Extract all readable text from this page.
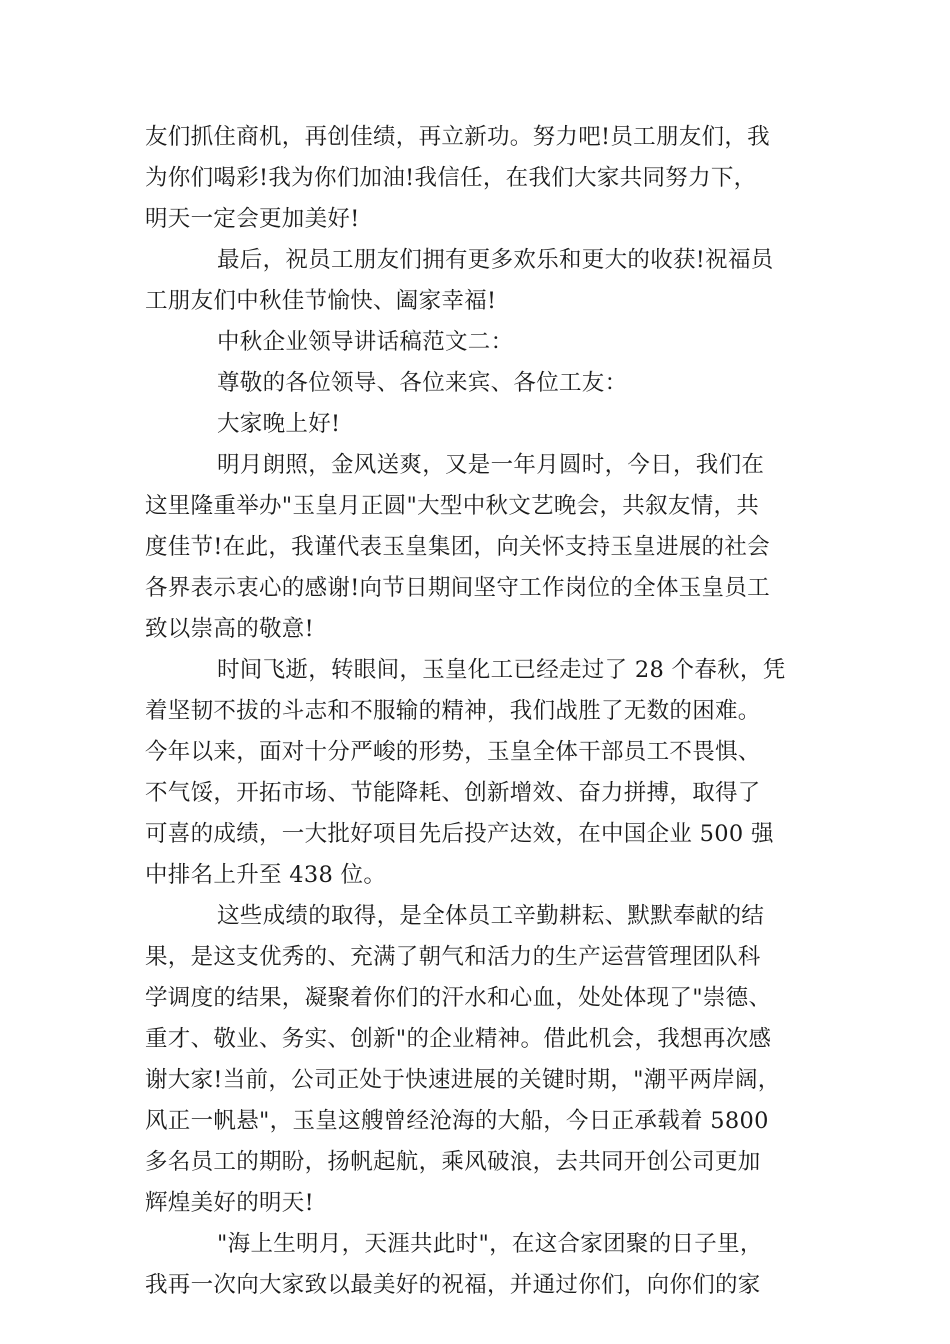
友们抓住商机，再创佳绩，再立新功。努力吧!员工朋友们，我
为你们喝彩!我为你们加油!我信任，在我们大家共同努力下，
明天一定会更加美好!
最后，祝员工朋友们拥有更多欢乐和更大的收获!祝福员
工朋友们中秋佳节愉快、阖家幸福!
中秋企业领导讲话稿范文二：
尊敬的各位领导、各位来宾、各位工友：
大家晚上好!
明月朗照，金风送爽，又是一年月圆时，今日，我们在
这里隆重举办"玉皇月正圆"大型中秋文艺晚会，共叙友情，共
度佳节!在此，我谨代表玉皇集团，向关怀支持玉皇进展的社会
各界表示衷心的感谢!向节日期间坚守工作岗位的全体玉皇员工
致以崇高的敬意!
时间飞逝，转眼间，玉皇化工已经走过了 28 个春秋，凭
着坚韧不拔的斗志和不服输的精神，我们战胜了无数的困难。
今年以来，面对十分严峻的形势，玉皇全体干部员工不畏惧、
不气馁，开拓市场、节能降耗、创新增效、奋力拼搏，取得了
可喜的成绩，一大批好项目先后投产达效，在中国企业 500 强
中排名上升至 438 位。
这些成绩的取得，是全体员工辛勤耕耘、默默奉献的结
果，是这支优秀的、充满了朝气和活力的生产运营管理团队科
学调度的结果，凝聚着你们的汗水和心血，处处体现了"崇德、
重才、敬业、务实、创新"的企业精神。借此机会，我想再次感
谢大家!当前，公司正处于快速进展的关键时期，"潮平两岸阔，
风正一帆悬"，玉皇这艘曾经沧海的大船，今日正承载着 5800
多名员工的期盼，扬帆起航，乘风破浪，去共同开创公司更加
辉煌美好的明天!
"海上生明月，天涯共此时"，在这合家团聚的日子里，
我再一次向大家致以最美好的祝福，并通过你们，向你们的家
